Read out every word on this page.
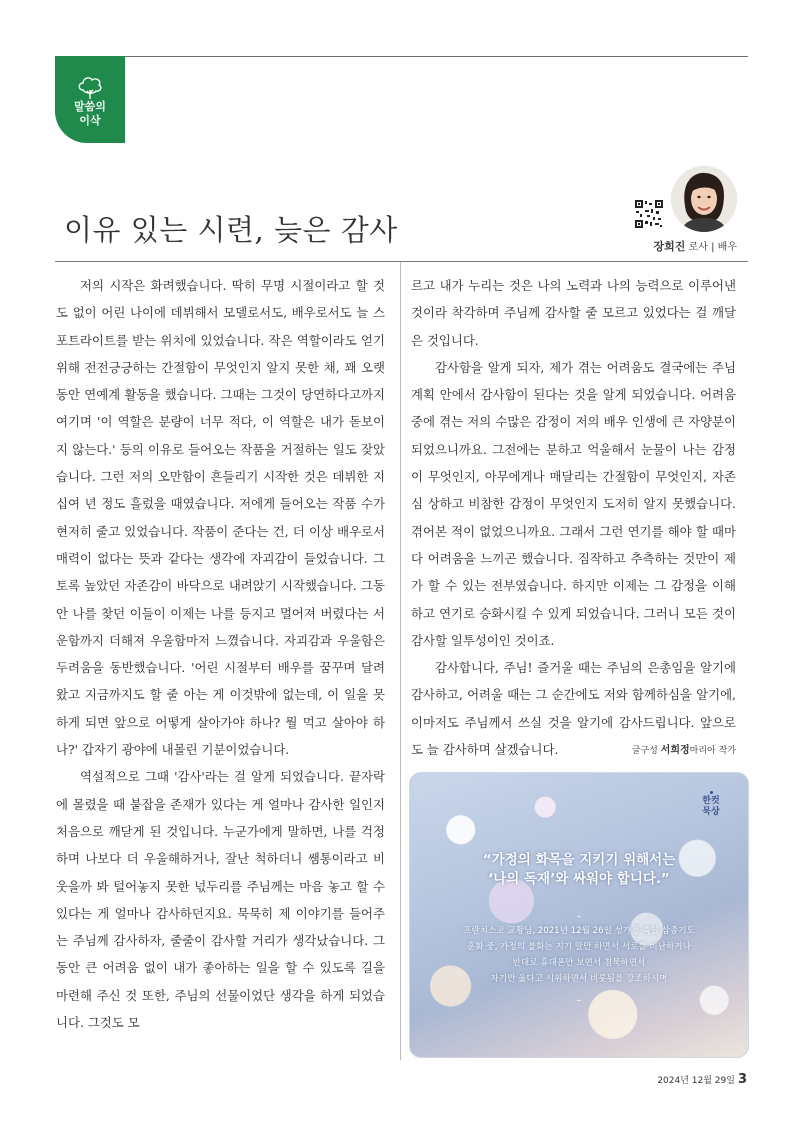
말씀의
이삭
이유 있는 시련, 늦은 감사	장희진 로사 | 배우

저의 시작은 화려했습니다. 딱히 무명 시절이라고 할 것도 없이 어린 나이에 데뷔해서 모델로서도, 배우로서도 늘 스포트라이트를 받는 위치에 있었습니다. 작은 역할이라도 얻기 위해 전전긍긍하는 간절함이 무엇인지 알지 못한 채, 꽤 오랫동안 연예계 활동을 했습니다. 그때는 그것이 당연하다고까지 여기며 '이 역할은 분량이 너무 적다, 이 역할은 내가 돋보이지 않는다.' 등의 이유로 들어오는 작품을 거절하는 일도 잦았습니다. 그런 저의 오만함이 흔들리기 시작한 것은 데뷔한 지 십여 년 정도 흘렀을 때였습니다. 저에게 들어오는 작품 수가 현저히 줄고 있었습니다. 작품이 준다는 건, 더 이상 배우로서 매력이 없다는 뜻과 같다는 생각에 자괴감이 들었습니다. 그토록 높았던 자존감이 바닥으로 내려앉기 시작했습니다. 그동안 나를 찾던 이들이 이제는 나를 등지고 멀어져 버렸다는 서운함까지 더해져 우울함마저 느꼈습니다. 자괴감과 우울함은 두려움을 동반했습니다. '어린 시절부터 배우를 꿈꾸며 달려왔고 지금까지도 할 줄 아는 게 이것밖에 없는데, 이 일을 못 하게 되면 앞으로 어떻게 살아가야 하나? 뭘 먹고 살아야 하나?' 갑자기 광야에 내몰린 기분이었습니다.

역설적으로 그때 '감사'라는 걸 알게 되었습니다. 끝자락에 몰렸을 때 붙잡을 존재가 있다는 게 얼마나 감사한 일인지 처음으로 깨닫게 된 것입니다. 누군가에게 말하면, 나를 걱정하며 나보다 더 우울해하거나, 잘난 척하더니 쌤통이라고 비웃을까 봐 털어놓지 못한 넋두리를 주님께는 마음 놓고 할 수 있다는 게 얼마나 감사하던지요. 묵묵히 제 이야기를 들어주는 주님께 감사하자, 줄줄이 감사할 거리가 생각났습니다. 그동안 큰 어려움 없이 내가 좋아하는 일을 할 수 있도록 길을 마련해 주신 것 또한, 주님의 선물이었단 생각을 하게 되었습니다. 그것도 모

르고 내가 누리는 것은 나의 노력과 나의 능력으로 이루어낸 것이라 착각하며 주님께 감사할 줄 모르고 있었다는 걸 깨달은 것입니다.

감사함을 알게 되자, 제가 겪는 어려움도 결국에는 주님 계획 안에서 감사함이 된다는 것을 알게 되었습니다. 어려움 중에 겪는 저의 수많은 감정이 저의 배우 인생에 큰 자양분이 되었으니까요. 그전에는 분하고 억울해서 눈물이 나는 감정이 무엇인지, 아무에게나 매달리는 간절함이 무엇인지, 자존심 상하고 비참한 감정이 무엇인지 도저히 알지 못했습니다. 겪어본 적이 없었으니까요. 그래서 그런 연기를 해야 할 때마다 어려움을 느끼곤 했습니다. 짐작하고 추측하는 것만이 제가 할 수 있는 전부였습니다. 하지만 이제는 그 감정을 이해하고 연기로 승화시킬 수 있게 되었습니다. 그러니 모든 것이 감사할 일투성이인 것이죠.

감사합니다, 주님! 즐거울 때는 주님의 은총임을 알기에 감사하고, 어려울 때는 그 순간에도 저와 함께하심을 알기에, 이마저도 주님께서 쓰실 것을 알기에 감사드립니다. 앞으로도 늘 감사하며 살겠습니다.	글구성 서희정마리아 작가

한컷
묵상
“가정의 화목을 지키기 위해서는
‘나의 독재’와 싸워야 합니다.”
–
프란치스코 교황님, 2021년 12월 26일 성가정 축일 삼종기도
훈화 중, 가정의 불화는 지기 말만 하면서 서로를 비난하거나
반대로 휴대폰만 보면서 침묵하면서
자기만 옳다고 시위하면서 비롯됨을 강조하시며
–
2024년 12월 29일 3
